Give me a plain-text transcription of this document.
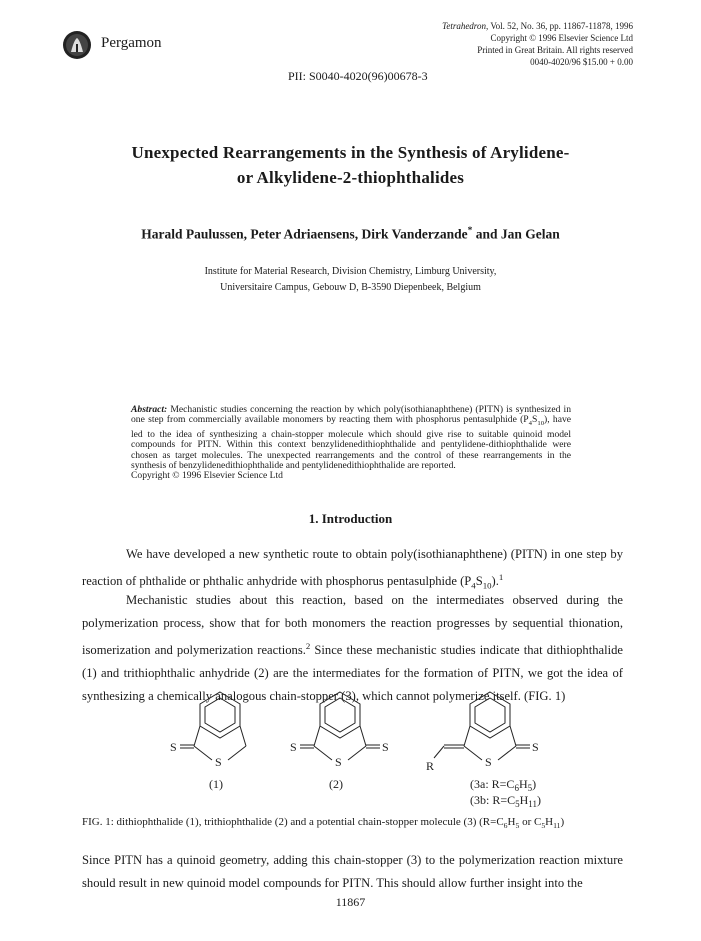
Pergamon
Tetrahedron, Vol. 52, No. 36, pp. 11867-11878, 1996
Copyright © 1996 Elsevier Science Ltd
Printed in Great Britain. All rights reserved
0040-4020/96 $15.00 + 0.00
PII: S0040-4020(96)00678-3
Unexpected Rearrangements in the Synthesis of Arylidene-
or Alkylidene-2-thiophthalides
Harald Paulussen, Peter Adriaensens, Dirk Vanderzande* and Jan Gelan
Institute for Material Research, Division Chemistry, Limburg University,
Universitaire Campus, Gebouw D, B-3590 Diepenbeek, Belgium
Abstract: Mechanistic studies concerning the reaction by which poly(isothianaphthene) (PITN) is synthesized in one step from commercially available monomers by reacting them with phosphorus pentasulphide $(P_4S_{10})$, have led to the idea of synthesizing a chain-stopper molecule which should give rise to suitable quinoid model compounds for PITN. Within this context benzylidenedithiophthalide and pentylidene-dithiophthalide were chosen as target molecules. The unexpected rearrangements and the control of these rearrangements in the synthesis of benzylidenedithiophthalide and pentylidenedithiophthalide are reported.
Copyright © 1996 Elsevier Science Ltd
1. Introduction
We have developed a new synthetic route to obtain poly(isothianaphthene) (PITN) in one step by reaction of phthalide or phthalic anhydride with phosphorus pentasulphide $(P_4S_{10}).^1$
Mechanistic studies about this reaction, based on the intermediates observed during the polymerization process, show that for both monomers the reaction progresses by sequential thionation, isomerization and polymerization reactions.$^2$ Since these mechanistic studies indicate that dithiophthalide (1) and trithiophthalic anhydride (2) are the intermediates for the formation of PITN, we got the idea of synthesizing a chemically analogous chain-stopper (3), which cannot polymerize itself. (FIG. 1)
S
S
(1)
S	S
S
(2)
R
S
S
(3a: $R=C_6H_5$)
(3b: $R=C_5H_{11}$)
FIG. 1: dithiophthalide (1), trithiophthalide (2) and a potential chain-stopper molecule (3) ($R=C_6H_5$ or $C_5H_{11}$)
Since PITN has a quinoid geometry, adding this chain-stopper (3) to the polymerization reaction mixture should result in new quinoid model compounds for PITN. This should allow further insight into the
11867
